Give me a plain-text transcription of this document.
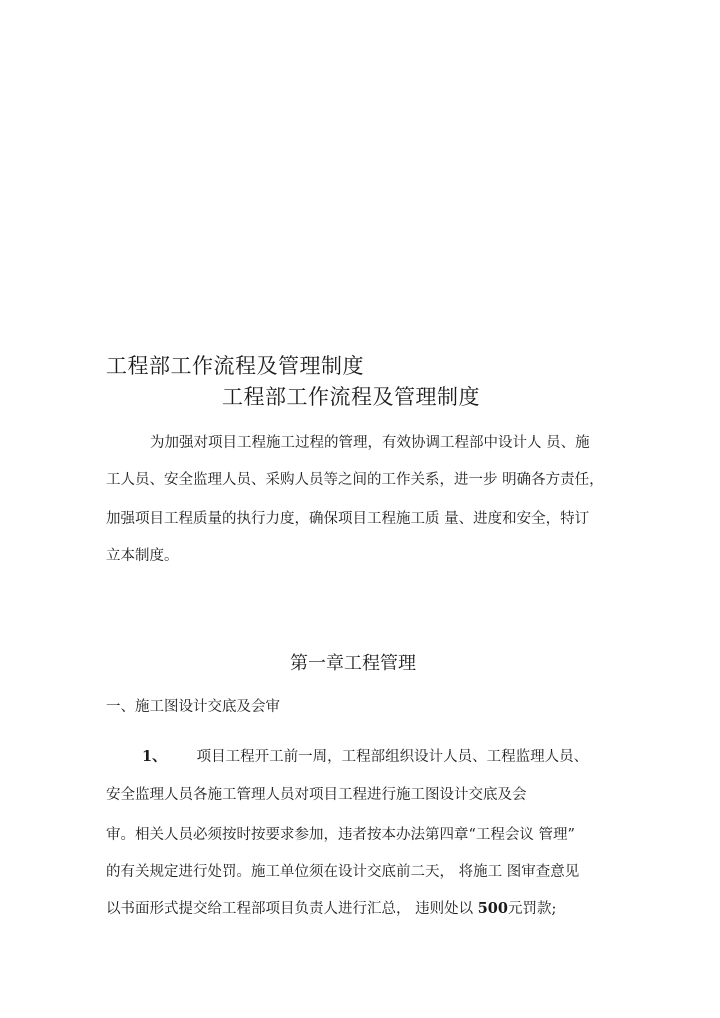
工程部工作流程及管理制度
工程部工作流程及管理制度
为加强对项目工程施工过程的管理，有效协调工程部中设计人 员、施
工人员、安全监理人员、采购人员等之间的工作关系，进一步 明确各方责任，
加强项目工程质量的执行力度，确保项目工程施工质 量、进度和安全，特订
立本制度。
第一章工程管理
一、施工图设计交底及会审
1、 项目工程开工前一周，工程部组织设计人员、工程监理人员、
安全监理人员各施工管理人员对项目工程进行施工图设计交底及会
审。相关人员必须按时按要求参加，违者按本办法第四章“工程会议 管理”
的有关规定进行处罚。施工单位须在设计交底前二天， 将施工 图审查意见
以书面形式提交给工程部项目负责人进行汇总， 违则处以 500元罚款;
